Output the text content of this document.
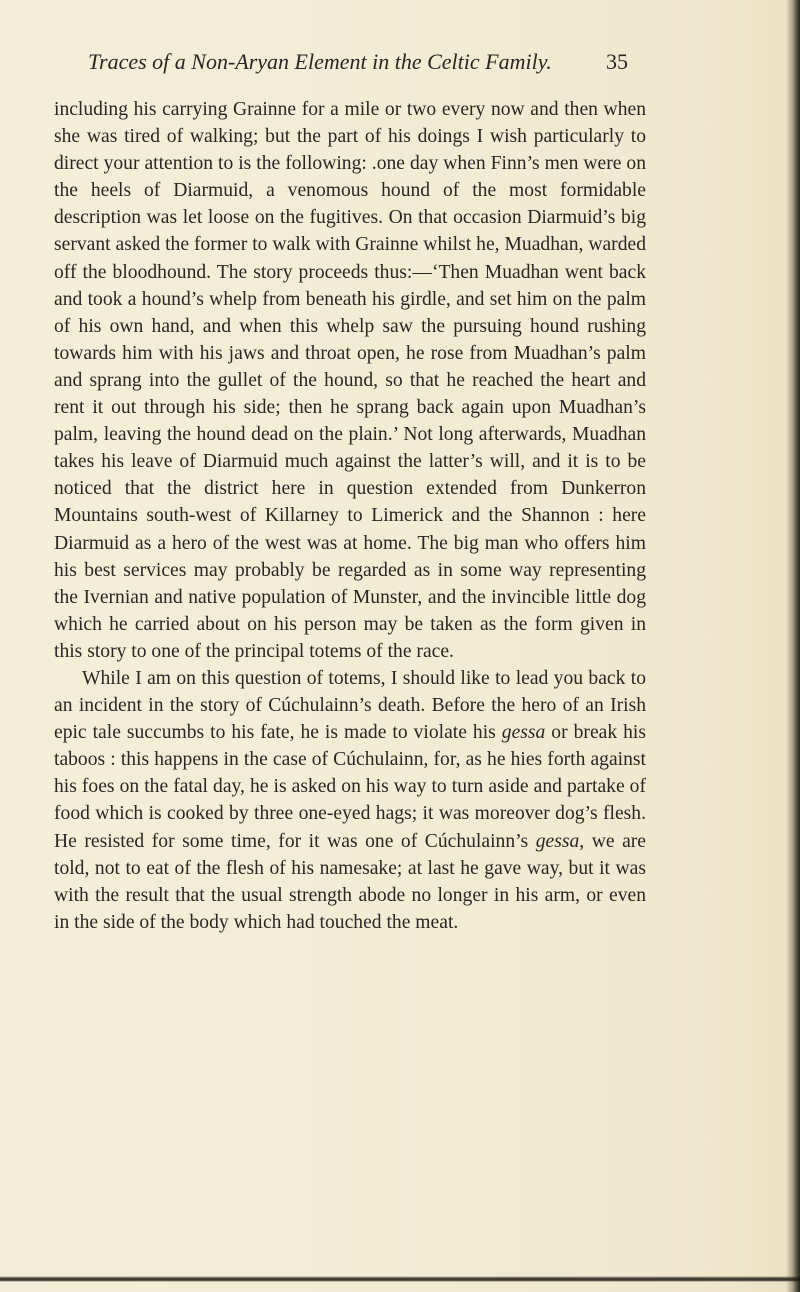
Traces of a Non-Aryan Element in the Celtic Family. 35

including his carrying Grainne for a mile or two every now and then when she was tired of walking; but the part of his doings I wish particularly to direct your attention to is the following: .one day when Finn’s men were on the heels of Diarmuid, a venomous hound of the most formidable description was let loose on the fugitives. On that occasion Diarmuid’s big servant asked the former to walk with Grainne whilst he, Muadhan, warded off the bloodhound. The story proceeds thus:—‘Then Muadhan went back and took a hound’s whelp from beneath his girdle, and set him on the palm of his own hand, and when this whelp saw the pursuing hound rushing towards him with his jaws and throat open, he rose from Muadhan’s palm and sprang into the gullet of the hound, so that he reached the heart and rent it out through his side; then he sprang back again upon Muadhan’s palm, leaving the hound dead on the plain.’ Not long afterwards, Muadhan takes his leave of Diarmuid much against the latter’s will, and it is to be noticed that the district here in question extended from Dunkerron Mountains south-west of Killarney to Limerick and the Shannon : here Diarmuid as a hero of the west was at home. The big man who offers him his best services may probably be regarded as in some way representing the Ivernian and native population of Munster, and the invincible little dog which he carried about on his person may be taken as the form given in this story to one of the principal totems of the race.

While I am on this question of totems, I should like to lead you back to an incident in the story of Cúchulainn’s death. Before the hero of an Irish epic tale succumbs to his fate, he is made to violate his gessa or break his taboos : this happens in the case of Cúchulainn, for, as he hies forth against his foes on the fatal day, he is asked on his way to turn aside and partake of food which is cooked by three one-eyed hags; it was moreover dog’s flesh. He resisted for some time, for it was one of Cúchulainn’s gessa, we are told, not to eat of the flesh of his namesake; at last he gave way, but it was with the result that the usual strength abode no longer in his arm, or even in the side of the body which had touched the meat.
